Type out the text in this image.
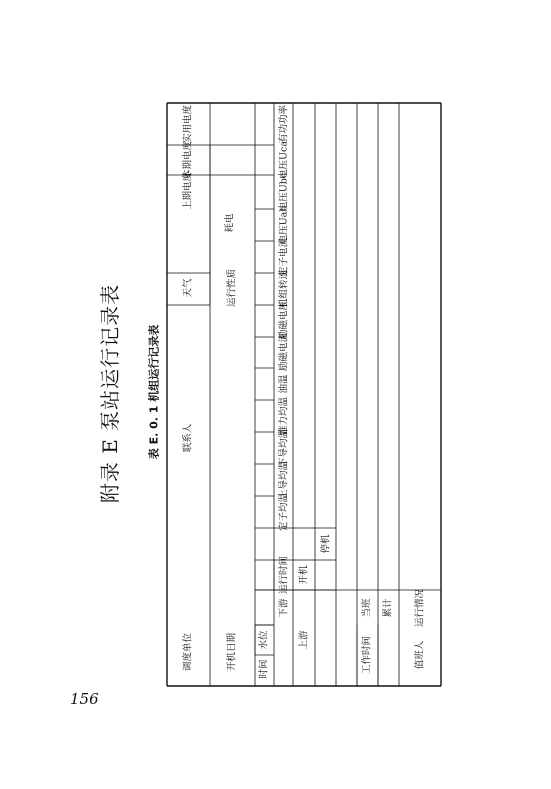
156
附录 E 泵站运行记录表 表 E. 0. 1 机组运行记录表
调度单位
联系人
天气
耗电
上期电度
本期电度
实用电度
开机日期
运行性质
时间
水位
下游
运行时间 开机
停机
定子均温
上导均温
下导均温
推力均温
油温
励磁电流
励磁电压
机组转速
定子电流
电压Uab
电压Ubc
电压Uca
有功功率
上游	工作时间
当班 累计
值班人
运行情况
